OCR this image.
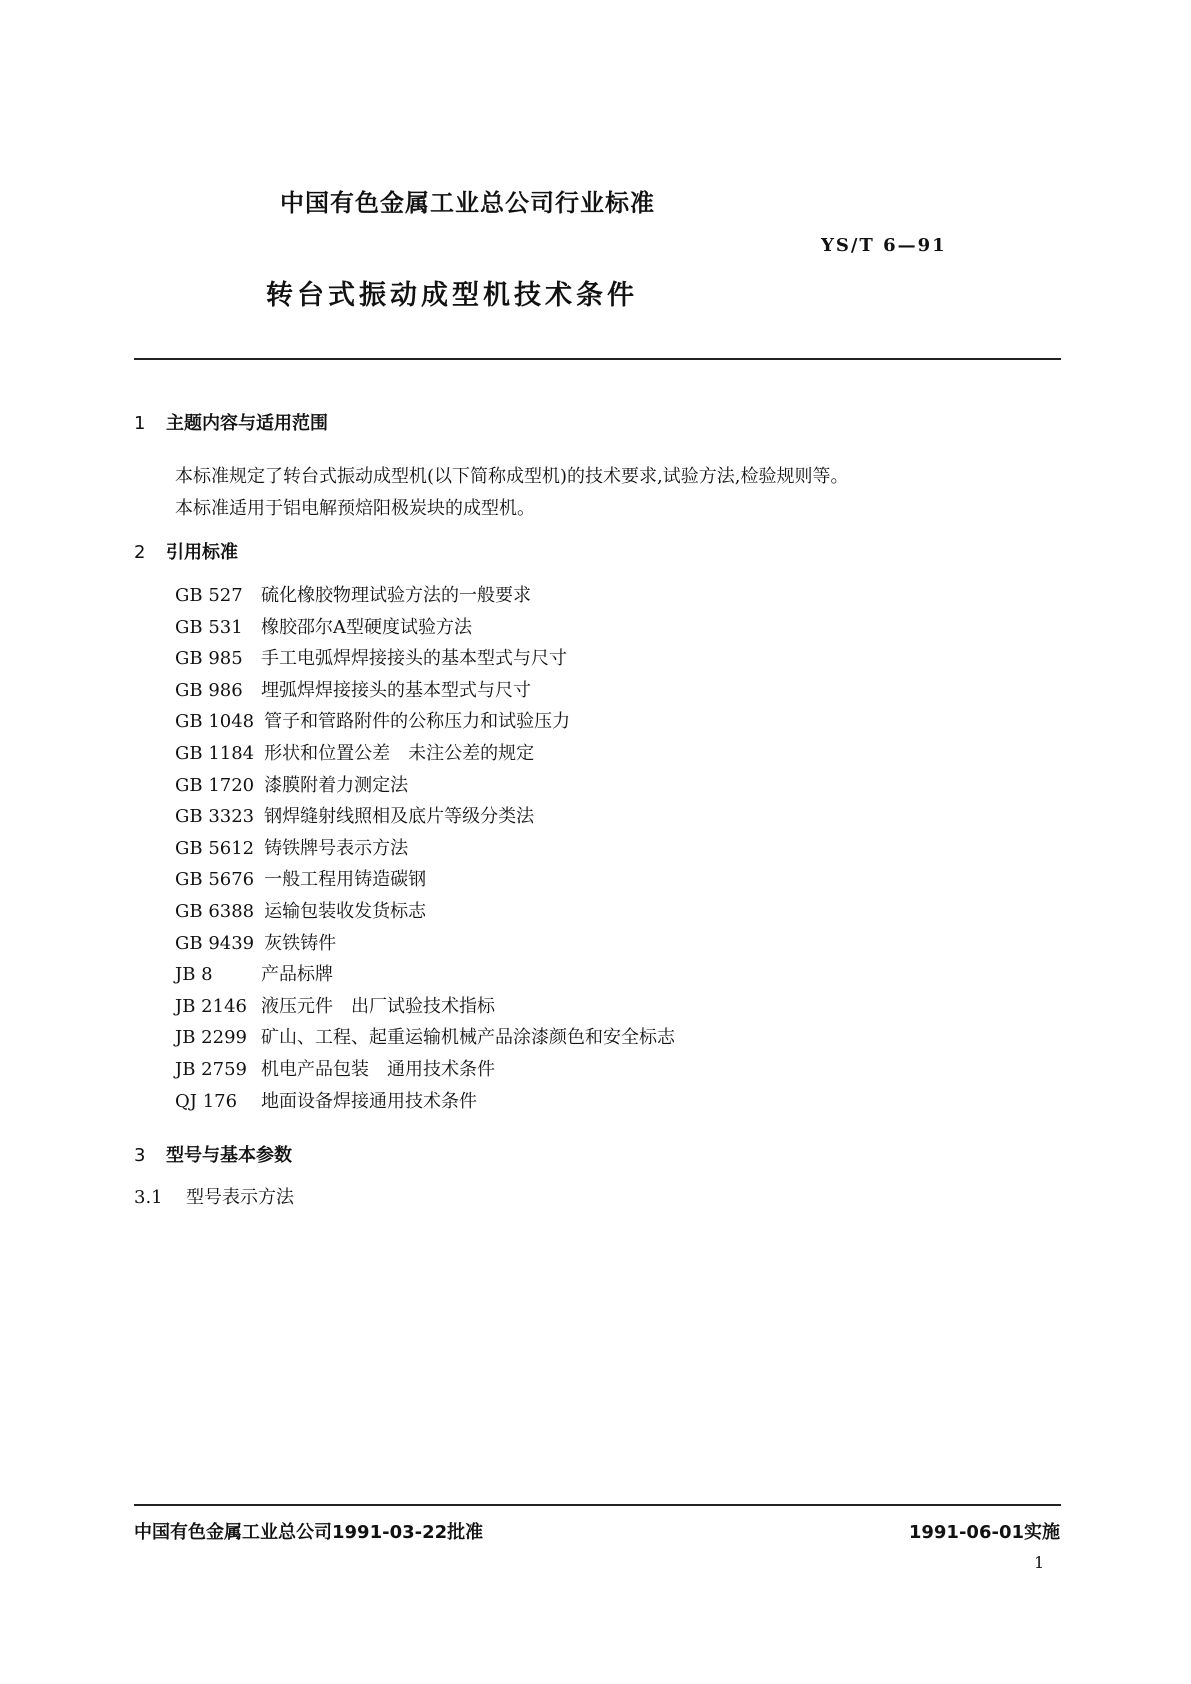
中国有色金属工业总公司行业标准
YS/T 6—91
转台式振动成型机技术条件
1 主题内容与适用范围
本标准规定了转台式振动成型机(以下简称成型机)的技术要求,试验方法,检验规则等。
本标准适用于铝电解预焙阳极炭块的成型机。
2 引用标准
GB 527 硫化橡胶物理试验方法的一般要求
GB 531 橡胶邵尔A型硬度试验方法
GB 985 手工电弧焊焊接接头的基本型式与尺寸
GB 986 埋弧焊焊接接头的基本型式与尺寸
GB 1048 管子和管路附件的公称压力和试验压力
GB 1184 形状和位置公差　未注公差的规定
GB 1720 漆膜附着力测定法
GB 3323 钢焊缝射线照相及底片等级分类法
GB 5612 铸铁牌号表示方法
GB 5676 一般工程用铸造碳钢
GB 6388 运输包装收发货标志
GB 9439 灰铁铸件
JB 8	产品标牌
JB 2146 液压元件　出厂试验技术指标
JB 2299 矿山、工程、起重运输机械产品涂漆颜色和安全标志
JB 2759 机电产品包装　通用技术条件
QJ 176 地面设备焊接通用技术条件
3 型号与基本参数
3.1 型号表示方法
中国有色金属工业总公司1991-03-22批准	1991-06-01实施
1
